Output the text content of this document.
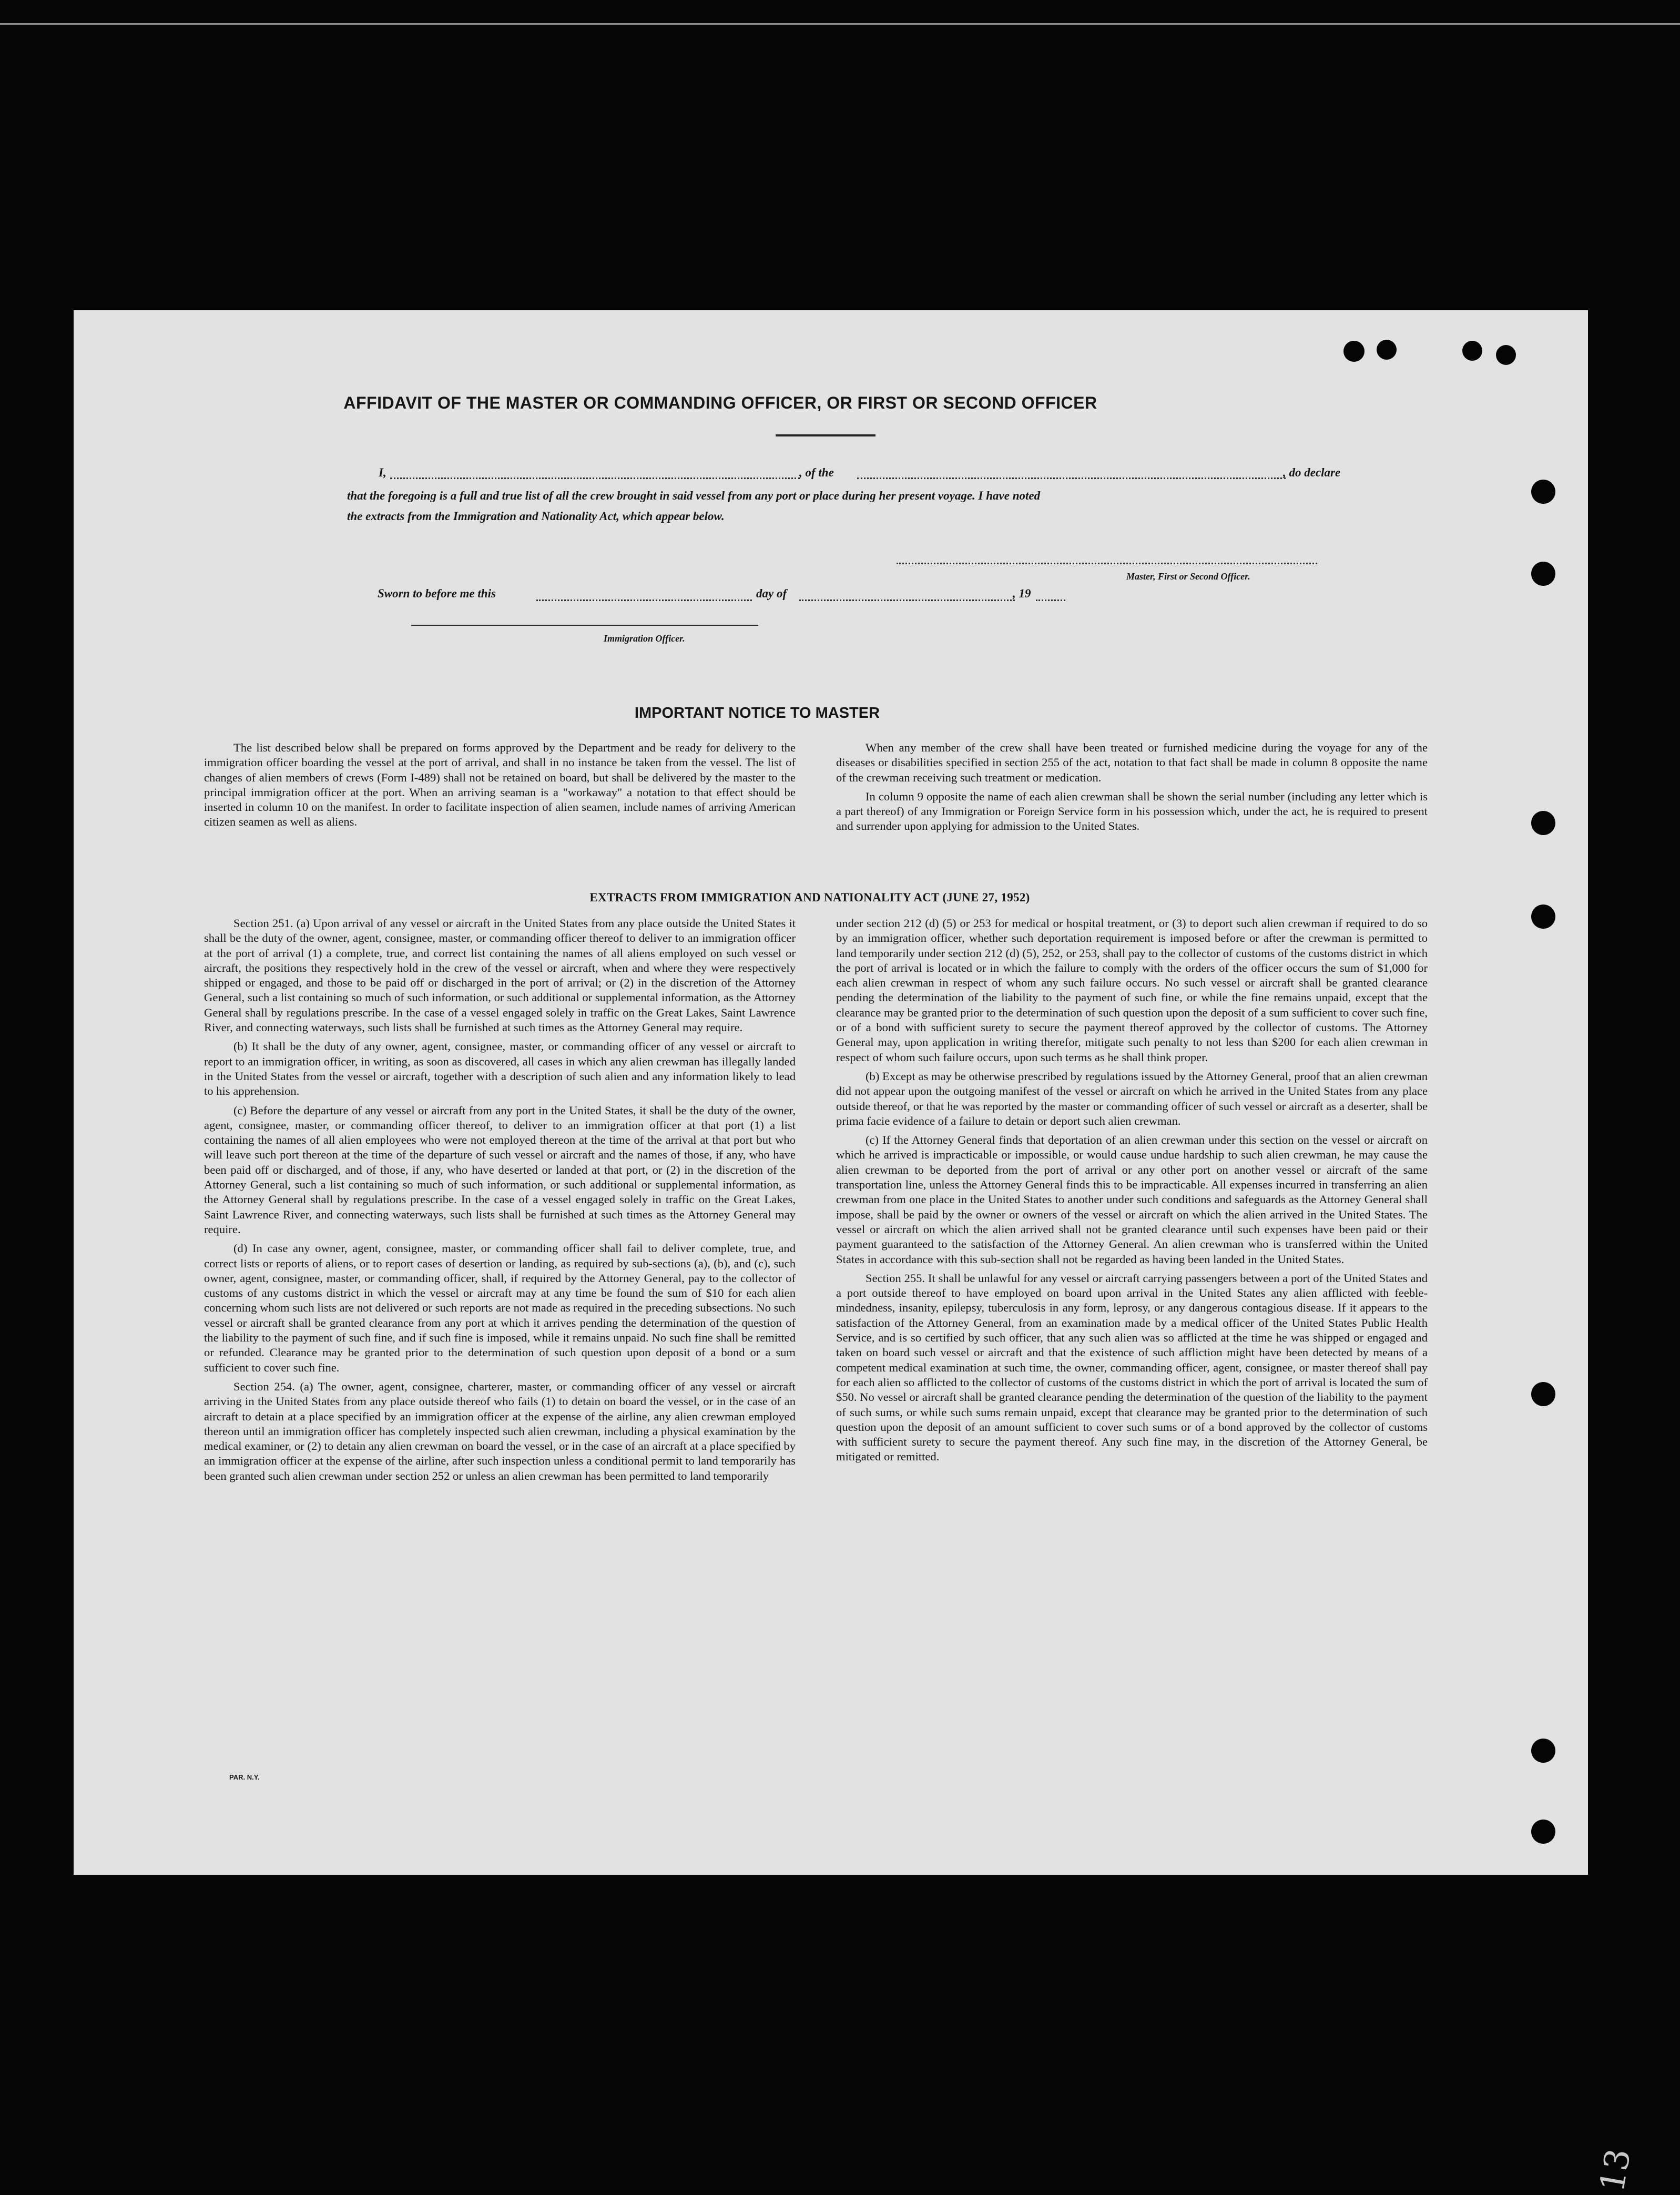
AFFIDAVIT OF THE MASTER OR COMMANDING OFFICER, OR FIRST OR SECOND OFFICER
I,	, of the	, do declare
that the foregoing is a full and true list of all the crew brought in said vessel from any port or place during her present voyage. I have noted
the extracts from the Immigration and Nationality Act, which appear below.
Master, First or Second Officer.
Sworn to before me this	day of	, 19
Immigration Officer.
IMPORTANT NOTICE TO MASTER

The list described below shall be prepared on forms approved by the Department and be ready for delivery to the immigration officer boarding the vessel at the port of arrival, and shall in no instance be taken from the vessel. The list of changes of alien members of crews (Form I-489) shall not be retained on board, but shall be delivered by the master to the principal immigration officer at the port. When an arriving seaman is a "workaway" a notation to that effect should be inserted in column 10 on the manifest. In order to facilitate inspection of alien seamen, include names of arriving American citizen seamen as well as aliens.

When any member of the crew shall have been treated or furnished medicine during the voyage for any of the diseases or disabilities specified in section 255 of the act, notation to that fact shall be made in column 8 opposite the name of the crewman receiving such treatment or medication.

In column 9 opposite the name of each alien crewman shall be shown the serial number (including any letter which is a part thereof) of any Immigration or Foreign Service form in his possession which, under the act, he is required to present and surrender upon applying for admission to the United States.

EXTRACTS FROM IMMIGRATION AND NATIONALITY ACT (JUNE 27, 1952)

Section 251. (a) Upon arrival of any vessel or aircraft in the United States from any place outside the United States it shall be the duty of the owner, agent, consignee, master, or commanding officer thereof to deliver to an immigration officer at the port of arrival (1) a complete, true, and correct list containing the names of all aliens employed on such vessel or aircraft, the positions they respectively hold in the crew of the vessel or aircraft, when and where they were respectively shipped or engaged, and those to be paid off or discharged in the port of arrival; or (2) in the discretion of the Attorney General, such a list containing so much of such information, or such additional or supplemental information, as the Attorney General shall by regulations prescribe. In the case of a vessel engaged solely in traffic on the Great Lakes, Saint Lawrence River, and connecting waterways, such lists shall be furnished at such times as the Attorney General may require.

(b) It shall be the duty of any owner, agent, consignee, master, or commanding officer of any vessel or aircraft to report to an immigration officer, in writing, as soon as discovered, all cases in which any alien crewman has illegally landed in the United States from the vessel or aircraft, together with a description of such alien and any information likely to lead to his apprehension.

(c) Before the departure of any vessel or aircraft from any port in the United States, it shall be the duty of the owner, agent, consignee, master, or commanding officer thereof, to deliver to an immigration officer at that port (1) a list containing the names of all alien employees who were not employed thereon at the time of the arrival at that port but who will leave such port thereon at the time of the departure of such vessel or aircraft and the names of those, if any, who have been paid off or discharged, and of those, if any, who have deserted or landed at that port, or (2) in the discretion of the Attorney General, such a list containing so much of such information, or such additional or supplemental information, as the Attorney General shall by regulations prescribe. In the case of a vessel engaged solely in traffic on the Great Lakes, Saint Lawrence River, and connecting waterways, such lists shall be furnished at such times as the Attorney General may require.

(d) In case any owner, agent, consignee, master, or commanding officer shall fail to deliver complete, true, and correct lists or reports of aliens, or to report cases of desertion or landing, as required by sub-sections (a), (b), and (c), such owner, agent, consignee, master, or commanding officer, shall, if required by the Attorney General, pay to the collector of customs of any customs district in which the vessel or aircraft may at any time be found the sum of $10 for each alien concerning whom such lists are not delivered or such reports are not made as required in the preceding subsections. No such vessel or aircraft shall be granted clearance from any port at which it arrives pending the determination of the question of the liability to the payment of such fine, and if such fine is imposed, while it remains unpaid. No such fine shall be remitted or refunded. Clearance may be granted prior to the determination of such question upon deposit of a bond or a sum sufficient to cover such fine.

Section 254. (a) The owner, agent, consignee, charterer, master, or commanding officer of any vessel or aircraft arriving in the United States from any place outside thereof who fails (1) to detain on board the vessel, or in the case of an aircraft to detain at a place specified by an immigration officer at the expense of the airline, any alien crewman employed thereon until an immigration officer has completely inspected such alien crewman, including a physical examination by the medical examiner, or (2) to detain any alien crewman on board the vessel, or in the case of an aircraft at a place specified by an immigration officer at the expense of the airline, after such inspection unless a conditional permit to land temporarily has been granted such alien crewman under section 252 or unless an alien crewman has been permitted to land temporarily

under section 212 (d) (5) or 253 for medical or hospital treatment, or (3) to deport such alien crewman if required to do so by an immigration officer, whether such deportation requirement is imposed before or after the crewman is permitted to land temporarily under section 212 (d) (5), 252, or 253, shall pay to the collector of customs of the customs district in which the port of arrival is located or in which the failure to comply with the orders of the officer occurs the sum of $1,000 for each alien crewman in respect of whom any such failure occurs. No such vessel or aircraft shall be granted clearance pending the determination of the liability to the payment of such fine, or while the fine remains unpaid, except that the clearance may be granted prior to the determination of such question upon the deposit of a sum sufficient to cover such fine, or of a bond with sufficient surety to secure the payment thereof approved by the collector of customs. The Attorney General may, upon application in writing therefor, mitigate such penalty to not less than $200 for each alien crewman in respect of whom such failure occurs, upon such terms as he shall think proper.

(b) Except as may be otherwise prescribed by regulations issued by the Attorney General, proof that an alien crewman did not appear upon the outgoing manifest of the vessel or aircraft on which he arrived in the United States from any place outside thereof, or that he was reported by the master or commanding officer of such vessel or aircraft as a deserter, shall be prima facie evidence of a failure to detain or deport such alien crewman.

(c) If the Attorney General finds that deportation of an alien crewman under this section on the vessel or aircraft on which he arrived is impracticable or impossible, or would cause undue hardship to such alien crewman, he may cause the alien crewman to be deported from the port of arrival or any other port on another vessel or aircraft of the same transportation line, unless the Attorney General finds this to be impracticable. All expenses incurred in transferring an alien crewman from one place in the United States to another under such conditions and safeguards as the Attorney General shall impose, shall be paid by the owner or owners of the vessel or aircraft on which the alien arrived in the United States. The vessel or aircraft on which the alien arrived shall not be granted clearance until such expenses have been paid or their payment guaranteed to the satisfaction of the Attorney General. An alien crewman who is transferred within the United States in accordance with this sub-section shall not be regarded as having been landed in the United States.

Section 255. It shall be unlawful for any vessel or aircraft carrying passengers between a port of the United States and a port outside thereof to have employed on board upon arrival in the United States any alien afflicted with feeble-mindedness, insanity, epilepsy, tuberculosis in any form, leprosy, or any dangerous contagious disease. If it appears to the satisfaction of the Attorney General, from an examination made by a medical officer of the United States Public Health Service, and is so certified by such officer, that any such alien was so afflicted at the time he was shipped or engaged and taken on board such vessel or aircraft and that the existence of such affliction might have been detected by means of a competent medical examination at such time, the owner, commanding officer, agent, consignee, or master thereof shall pay for each alien so afflicted to the collector of customs of the customs district in which the port of arrival is located the sum of $50. No vessel or aircraft shall be granted clearance pending the determination of the question of the liability to the payment of such sums, or while such sums remain unpaid, except that clearance may be granted prior to the determination of such question upon the deposit of an amount sufficient to cover such sums or of a bond approved by the collector of customs with sufficient surety to secure the payment thereof. Any such fine may, in the discretion of the Attorney General, be mitigated or remitted.

PAR. N.Y.
13
